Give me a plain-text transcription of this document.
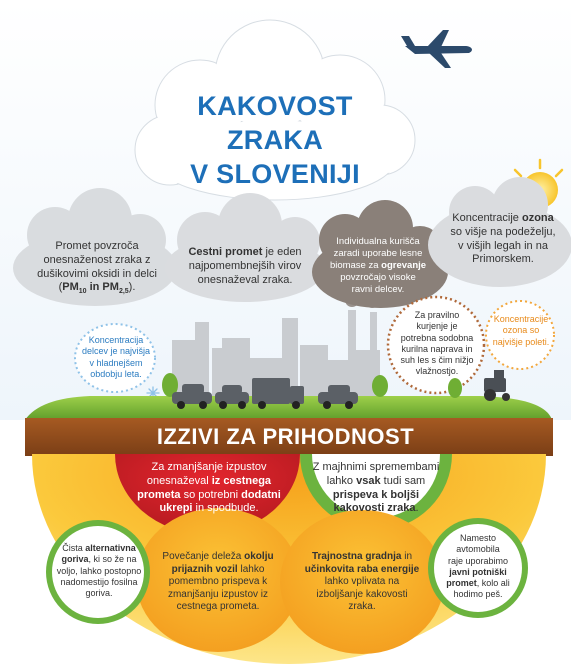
KAKOVOST ZRAKA
V SLOVENIJI
Promet povzroča
onesnaženost zraka z
dušikovimi oksidi in delci
($PM_{10}$ in $PM_{2,5}$).
Cestni promet je eden
najpomembnejših virov
onesnaževal zraka.
Individualna kurišča
zaradi uporabe lesne
biomase za ogrevanje
povzročajo visoke
ravni delcev.
Koncentracije ozona
so višje na podeželju,
v višjih legah in na
Primorskem.
Koncentracija
delcev je najvišja
v hladnejšem
obdobju leta.
Za pravilno
kurjenje je
potrebna sodobna
kurilna naprava in
suh les s čim nižjo
vlažnostjo.
Koncentracije
ozona so
najvišje poleti.
IZZIVI ZA PRIHODNOST
Za zmanjšanje izpustov
onesnaževal iz cestnega
prometa so potrebni dodatni
ukrepi in spodbude.
Z majhnimi spremembami
lahko vsak tudi sam
prispeva k boljši
kakovosti zraka.
Čista alternativna
goriva, ki so že na
voljo, lahko postopno
nadomestijo fosilna
goriva.
Povečanje deleža okolju
prijaznih vozil lahko
pomembno prispeva k
zmanjšanju izpustov iz
cestnega prometa.
Trajnostna gradnja in
učinkovita raba energije
lahko vplivata na
izboljšanje kakovosti
zraka.
Namesto
avtomobila
raje uporabimo
javni potniški
promet, kolo ali
hodimo peš.
